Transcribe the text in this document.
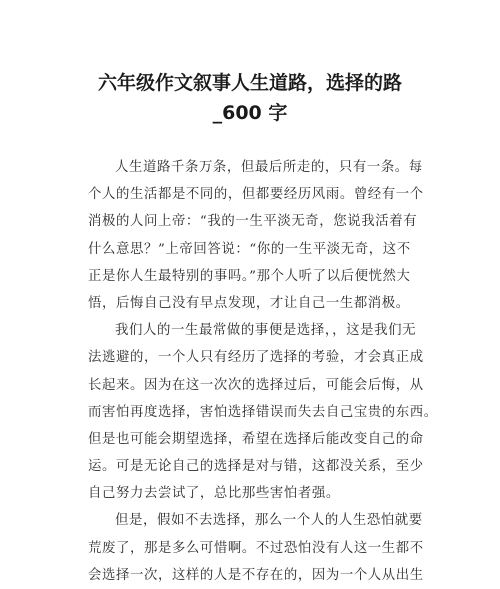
六年级作文叙事人生道路，选择的路
_600 字
人生道路千条万条，但最后所走的，只有一条。每
个人的生活都是不同的，但都要经历风雨。曾经有一个
消极的人问上帝：“我的一生平淡无奇，您说我活着有
什么意思？”上帝回答说：“你的一生平淡无奇，这不
正是你人生最特别的事吗。”那个人听了以后便恍然大
悟，后悔自己没有早点发现，才让自己一生都消极。
我们人的一生最常做的事便是选择，，这是我们无
法逃避的，一个人只有经历了选择的考验，才会真正成
长起来。因为在这一次次的选择过后，可能会后悔，从
而害怕再度选择，害怕选择错误而失去自己宝贵的东西。
但是也可能会期望选择，希望在选择后能改变自己的命
运。可是无论自己的选择是对与错，这都没关系，至少
自己努力去尝试了，总比那些害怕者强。
但是，假如不去选择，那么一个人的人生恐怕就要
荒废了，那是多么可惜啊。不过恐怕没有人这一生都不
会选择一次，这样的人是不存在的，因为一个人从出生
